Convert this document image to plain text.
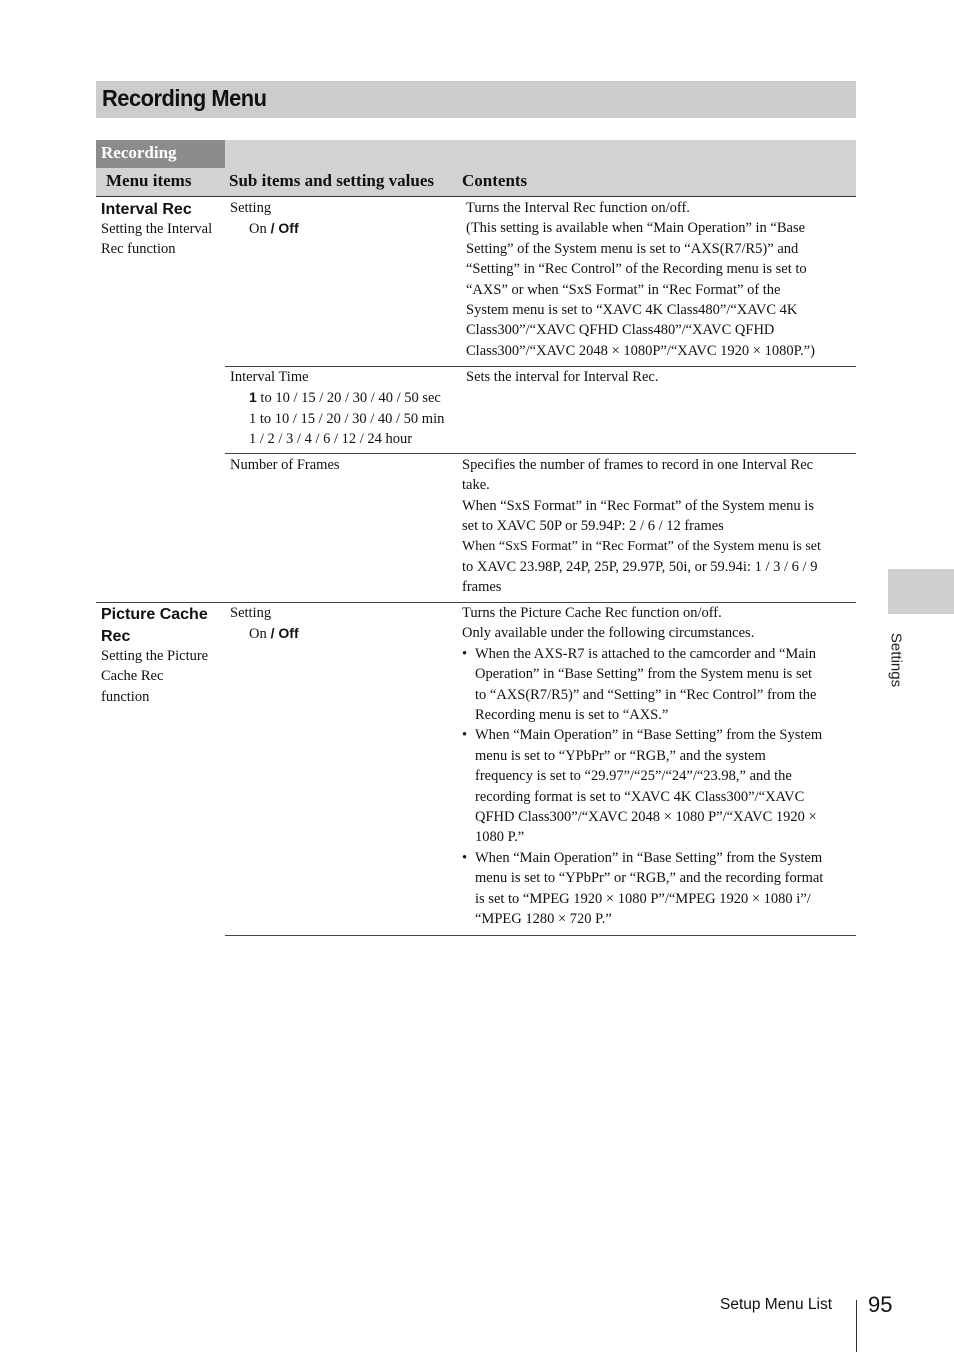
Recording Menu
Recording
Menu items Sub items and setting values Contents
Interval Rec
Setting the Interval
Rec function
Setting
On / Off
Turns the Interval Rec function on/off.
(This setting is available when “Main Operation” in “Base
Setting” of the System menu is set to “AXS(R7/R5)” and
“Setting” in “Rec Control” of the Recording menu is set to
“AXS” or when “SxS Format” in “Rec Format” of the
System menu is set to “XAVC 4K Class480”/“XAVC 4K
Class300”/“XAVC QFHD Class480”/“XAVC QFHD
Class300”/“XAVC 2048 × 1080P”/“XAVC 1920 × 1080P.”)
Interval Time
1 to 10 / 15 / 20 / 30 / 40 / 50 sec
1 to 10 / 15 / 20 / 30 / 40 / 50 min
1 / 2 / 3 / 4 / 6 / 12 / 24 hour
Sets the interval for Interval Rec.
Number of Frames	Specifies the number of frames to record in one Interval Rec
take.
When “SxS Format” in “Rec Format” of the System menu is
set to XAVC 50P or 59.94P: 2 / 6 / 12 frames
When “SxS Format” in “Rec Format” of the System menu is set
to XAVC 23.98P, 24P, 25P, 29.97P, 50i, or 59.94i: 1 / 3 / 6 / 9
frames
Picture Cache
Rec
Setting the Picture
Cache Rec
function
Setting
On / Off
Turns the Picture Cache Rec function on/off.
Only available under the following circumstances.
• When the AXS-R7 is attached to the camcorder and “Main
Operation” in “Base Setting” from the System menu is set
to “AXS(R7/R5)” and “Setting” in “Rec Control” from the
Recording menu is set to “AXS.”
• When “Main Operation” in “Base Setting” from the System
menu is set to “YPbPr” or “RGB,” and the system
frequency is set to “29.97”/“25”/“24”/“23.98,” and the
recording format is set to “XAVC 4K Class300”/“XAVC
QFHD Class300”/“XAVC 2048 × 1080 P”/“XAVC 1920 ×
1080 P.”
• When “Main Operation” in “Base Setting” from the System
menu is set to “YPbPr” or “RGB,” and the recording format
is set to “MPEG 1920 × 1080 P”/“MPEG 1920 × 1080 i”/
“MPEG 1280 × 720 P.”
Settings
Setup Menu List 95
